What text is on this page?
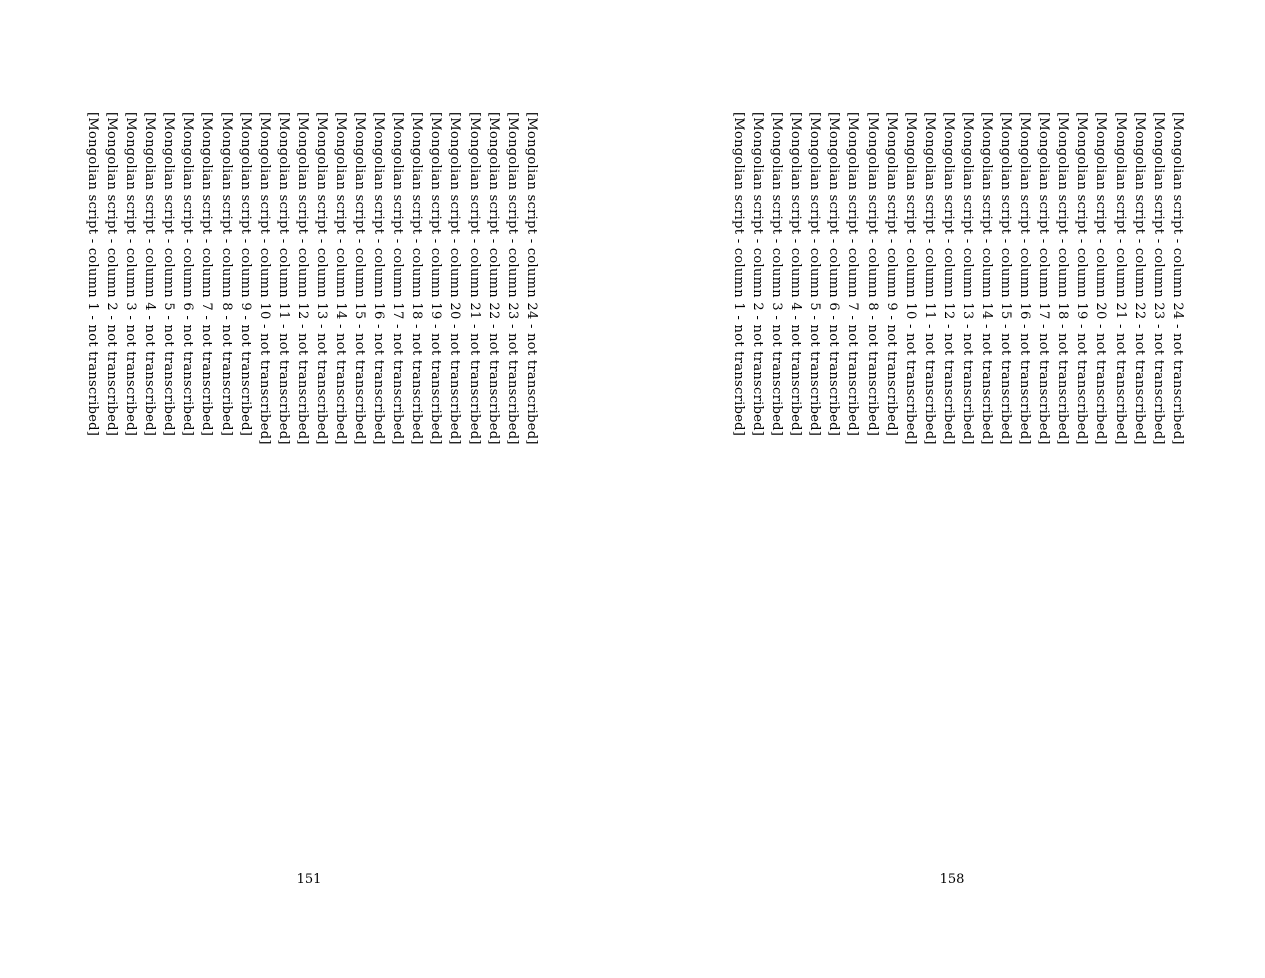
[Mongolian script - column 1 - not transcribed] [Mongolian script - column 2 - not transcribed] [Mongolian script - column 3 - not transcribed] [Mongolian script - column 4 - not transcribed] [Mongolian script - column 5 - not transcribed] [Mongolian script - column 6 - not transcribed] [Mongolian script - column 7 - not transcribed] [Mongolian script - column 8 - not transcribed] [Mongolian script - column 9 - not transcribed] [Mongolian script - column 10 - not transcribed] [Mongolian script - column 11 - not transcribed] [Mongolian script - column 12 - not transcribed] [Mongolian script - column 13 - not transcribed] [Mongolian script - column 14 - not transcribed] [Mongolian script - column 15 - not transcribed] [Mongolian script - column 16 - not transcribed] [Mongolian script - column 17 - not transcribed] [Mongolian script - column 18 - not transcribed] [Mongolian script - column 19 - not transcribed] [Mongolian script - column 20 - not transcribed] [Mongolian script - column 21 - not transcribed] [Mongolian script - column 22 - not transcribed] [Mongolian script - column 23 - not transcribed] [Mongolian script - column 24 - not transcribed]
151
[Mongolian script - column 1 - not transcribed] [Mongolian script - column 2 - not transcribed] [Mongolian script - column 3 - not transcribed] [Mongolian script - column 4 - not transcribed] [Mongolian script - column 5 - not transcribed] [Mongolian script - column 6 - not transcribed] [Mongolian script - column 7 - not transcribed] [Mongolian script - column 8 - not transcribed] [Mongolian script - column 9 - not transcribed] [Mongolian script - column 10 - not transcribed] [Mongolian script - column 11 - not transcribed] [Mongolian script - column 12 - not transcribed] [Mongolian script - column 13 - not transcribed] [Mongolian script - column 14 - not transcribed] [Mongolian script - column 15 - not transcribed] [Mongolian script - column 16 - not transcribed] [Mongolian script - column 17 - not transcribed] [Mongolian script - column 18 - not transcribed] [Mongolian script - column 19 - not transcribed] [Mongolian script - column 20 - not transcribed] [Mongolian script - column 21 - not transcribed] [Mongolian script - column 22 - not transcribed] [Mongolian script - column 23 - not transcribed] [Mongolian script - column 24 - not transcribed]
158
